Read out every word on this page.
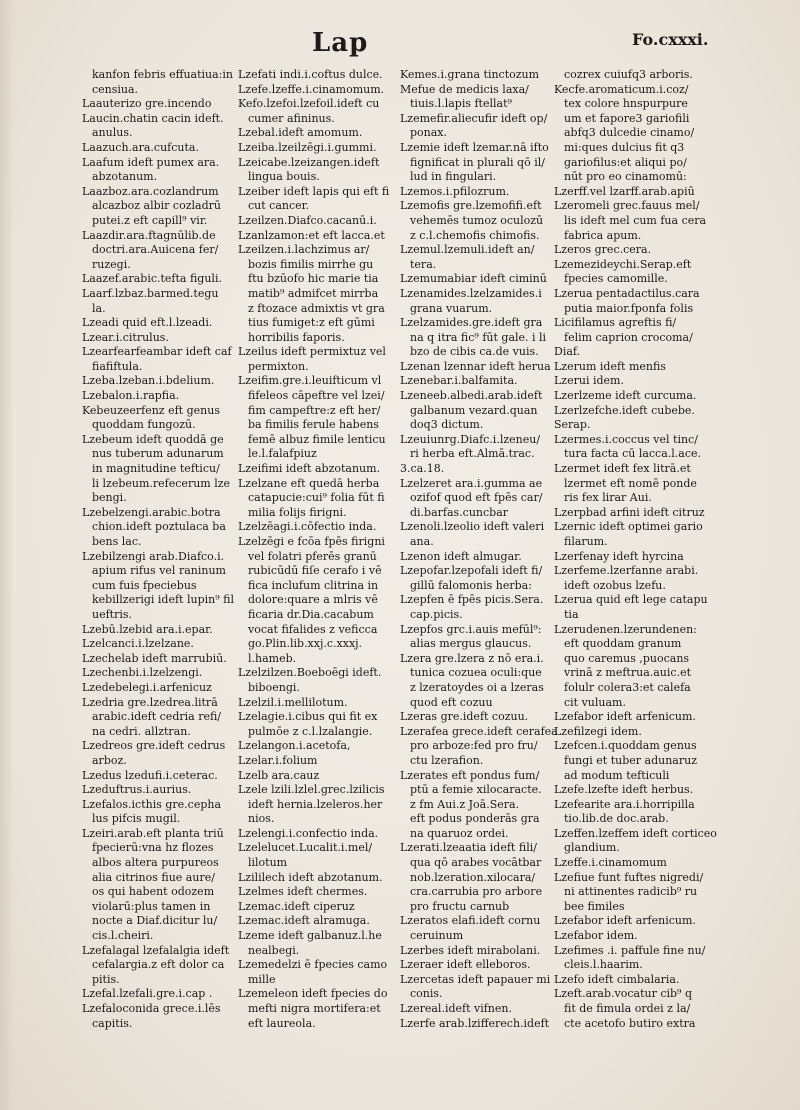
Lap	Fo.cxxxi.
kanfon febris effuatiua:in
censiua.
Laauterizo gre.incendo
Laucin.chatin cacin ideft.
anulus.
Laazuch.ara.cufcuta.
Laafum ideft pumex ara.
abzotanum.
Laazboz.ara.cozlandrum
alcazboz albir cozladrū
putei.z eft capill⁹ vir.
Laazdir.ara.ftagnūlib.de
doctri.ara.Auicena fer/
ruzegi.
Laazef.arabic.tefta figuli.
Laarf.lzbaz.barmed.tegu
la.
Lzeadi quid eft.l.lzeadi.
Lzear.i.citrulus.
Lzearfearfeambar ideft caf
fiafiftula.
Lzeba.lzeban.i.bdelium.
Lzebalon.i.rapfia.
Kebeuzeerfenz eft genus
quoddam fungozū.
Lzebeum ideft quoddā ge
nus tuberum adunarum
in magnitudine tefticu/
li lzebeum.refecerum lze
bengi.
Lzebelzengi.arabic.botra
chion.ideft poztulaca ba
bens lac.
Lzebilzengi arab.Diafco.i.
apium rifus vel raninum
cum fuis fpeciebus
kebillzerigi ideft lupin⁹ fil
ueftris.
Lzebū.lzebid ara.i.epar.
Lzelcanci.i.lzelzane.
Lzechelab ideft marrubiū.
Lzechenbi.i.lzelzengi.
Lzedebelegi.i.arfenicuz
Lzedria gre.lzedrea.litrā
arabic.ideft cedria refi/
na cedri. allztran.
Lzedreos gre.ideft cedrus
arboz.
Lzedus lzedufi.i.ceterac.
Lzeduftrus.i.aurius.
Lzefalos.icthis gre.cepha
lus pifcis mugil.
Lzeiri.arab.eft planta triū
fpecierū:vna hz flozes
albos altera purpureos
alia citrinos fiue aure/
os qui habent odozem
violarū:plus tamen in
nocte a Diaf.dicitur lu/
cis.l.cheiri.
Lzefalagal lzefalalgia ideft
cefalargia.z eft dolor ca
pitis.
Lzefal.lzefali.gre.i.cap .
Lzefaloconida grece.i.lēs
capitis.
Lzefati indi.i.coftus dulce.
Lzefe.lzeffe.i.cinamomum.
Kefo.lzefoi.lzefoil.ideft cu
cumer afininus.
Lzebal.ideft amomum.
Lzeiba.lzeilzēgi.i.gummi.
Lzeicabe.lzeizangen.ideft
lingua bouis.
Lzeiber ideft lapis qui eft fi
cut cancer.
Lzeilzen.Diafco.cacanū.i.
Lzanlzamon:et eft lacca.et
Lzeilzen.i.lachzimus ar/
bozis fimilis mirrhe gu
ftu bzūofo hic marie tia
matib⁹ admifcet mirrba
z ftozace admixtis vt gra
tius fumiget:z eft gūmi
horribilis faporis.
Lzeilus ideft permixtuz vel
permixton.
Lzeifim.gre.i.leuifticum vl
fifeleos cāpeftre vel lzei/
fim campeftre:z eft her/
ba fimilis ferule habens
femē albuz fimile lenticu
le.l.falafpiuz
Lzeifimi ideft abzotanum.
Lzelzane eft quedā herba
catapucie:cui⁹ folia fūt fi
milia folijs firigni.
Lzelzēagi.i.cōfectio inda.
Lzelzēgi e fcōa fpēs firigni
vel folatri pferēs granū
rubicūdū fiſe cerafo i vē
fica inclufum clitrina in
dolore:quare a mlris vē
ficaria dr.Dia.cacabum
vocat fifalides z veficca
go.Plin.lib.xxj.c.xxxj.
l.hameb.
Lzelzilzen.Boeboēgi ideft.
biboengi.
Lzelzil.i.mellilotum.
Lzelagie.i.cibus qui fit ex
pulmōe z c.l.lzalangie.
Lzelangon.i.acetofa,
Lzelar.i.folium
Lzelb ara.cauz
Lzele lzili.lzlel.grec.lzilicis
ideft hernia.lzeleros.her
nios.
Lzelengi.i.confectio inda.
Lzelelucet.Lucalit.i.mel/
lilotum
Lzililech ideft abzotanum.
Lzelmes ideft chermes.
Lzemac.ideft ciperuz
Lzemac.ideft alramuga.
Lzeme ideft galbanuz.l.he
nealbegi.
Lzemedelzi ē fpecies camo
mille
Lzemeleon ideft fpecies do
mefti nigra mortifera:et
eft laureola.
Kemes.i.grana tinctozum
Mefue de medicis laxa/
tiuis.l.lapis ftellat⁹
Lzemefir.aliecufir ideft op/
ponax.
Lzemie ideft lzemar.nā ifto
fignificat in plurali qō il/
lud in fingulari.
Lzemos.i.pfilozrum.
Lzemofis gre.lzemofifi.eft
vehemēs tumoz oculozū
z c.l.chemofis chimofis.
Lzemul.lzemuli.ideft an/
tera.
Lzemumabiar ideft ciminū
Lzenamides.lzelzamides.i
grana vuarum.
Lzelzamides.gre.ideft gra
na q itra fic⁹ fūt gale. i li
bzo de cibis ca.de vuis.
Lzenan lzennar ideft herua
Lzenebar.i.balfamita.
Lzeneeb.albedi.arab.ideft
galbanum vezard.quan
doq3 dictum.
Lzeuiunrg.Diafc.i.lzeneu/
ri herba eft.Almā.trac.
3.ca.18.
Lzelzeret ara.i.gumma ae
ozifof quod eft fpēs car/
di.barfas.cuncbar
Lzenoli.lzeolio ideft valeri
ana.
Lzenon ideft almugar.
Lzepofar.lzepofali ideft fi/
gillū falomonis herba:
Lzepfen ē fpēs picis.Sera.
cap.picis.
Lzepfos grc.i.auis mefūl⁹:
alias mergus glaucus.
Lzera gre.lzera z nō era.i.
tunica cozuea oculi:que
z lzeratoydes oi a lzeras
quod eft cozuu
Lzeras gre.ideft cozuu.
Lzerafea grece.ideft cerafea
pro arboze:fed pro fru/
ctu lzerafion.
Lzerates eft pondus fum/
ptū a femie xilocaracte.
z fm Aui.z Joā.Sera.
eft podus ponderās gra
na quaruoz ordei.
Lzerati.lzeaatia ideft fili/
qua qō arabes vocātbar
nob.lzeration.xilocara/
cra.carrubia pro arbore
pro fructu carnub
Lzeratos elafi.ideft cornu
ceruinum
Lzerbes ideft mirabolani.
Lzeraer ideft elleboros.
Lzercetas ideft papauer mi
conis.
Lzereal.ideft vifnen.
Lzerfe arab.lzifferech.ideft
cozrex cuiufq3 arboris.
Kecfe.aromaticum.i.coz/
tex colore hnspurpure
um et fapore3 gariofili
abfq3 dulcedie cinamo/
mi:ques dulcius fit q3
gariofilus:et aliqui po/
nūt pro eo cinamomū:
Lzerff.vel lzarff.arab.apiū
Lzeromeli grec.fauus mel/
lis ideft mel cum fua cera
fabrica apum.
Lzeros grec.cera.
Lzemezideychi.Serap.eft
fpecies camomille.
Lzerua pentadactilus.cara
putia maior.fponfa folis
Licifilamus agreftis fi/
felim caprion crocoma/
Diaf.
Lzerum ideft menfis
Lzerui idem.
Lzerlzeme ideft curcuma.
Lzerlzefche.ideft cubebe.
Serap.
Lzermes.i.coccus vel tinc/
tura facta cū lacca.l.ace.
Lzermet ideft fex litrā.et
lzermet eft nomē ponde
ris fex lirar Aui.
Lzerpbad arfini ideft citruz
Lzernic ideft optimei gario
filarum.
Lzerfenay ideft hyrcina
Lzerfeme.lzerfanne arabi.
ideft ozobus lzefu.
Lzerua quid eft lege catapu
tia
Lzerudenen.lzerundenen:
eft quoddam granum
quo caremus ,puocans
vrinā z meftrua.auic.et
folulr colera3:et calefa
cit vuluam.
Lzefabor ideft arfenicum.
Lzefilzegi idem.
Lzefcen.i.quoddam genus
fungi et tuber adunaruz
ad modum tefticuli
Lzefe.lzefte ideft herbus.
Lzefearite ara.i.horripilla
tio.lib.de doc.arab.
Lzeffen.lzeffem ideft corticeo
glandium.
Lzeffe.i.cinamomum
Lzefiue funt fuftes nigredi/
ni attinentes radicib⁹ ru
bee fimiles
Lzefabor ideft arfenicum.
Lzefabor idem.
Lzefimes .i. paffule fine nu/
cleis.l.haarim.
Lzefo ideft cimbalaria.
Lzeft.arab.vocatur cib⁹ q
fit de fimula ordei z la/
cte acetofo butiro extra
